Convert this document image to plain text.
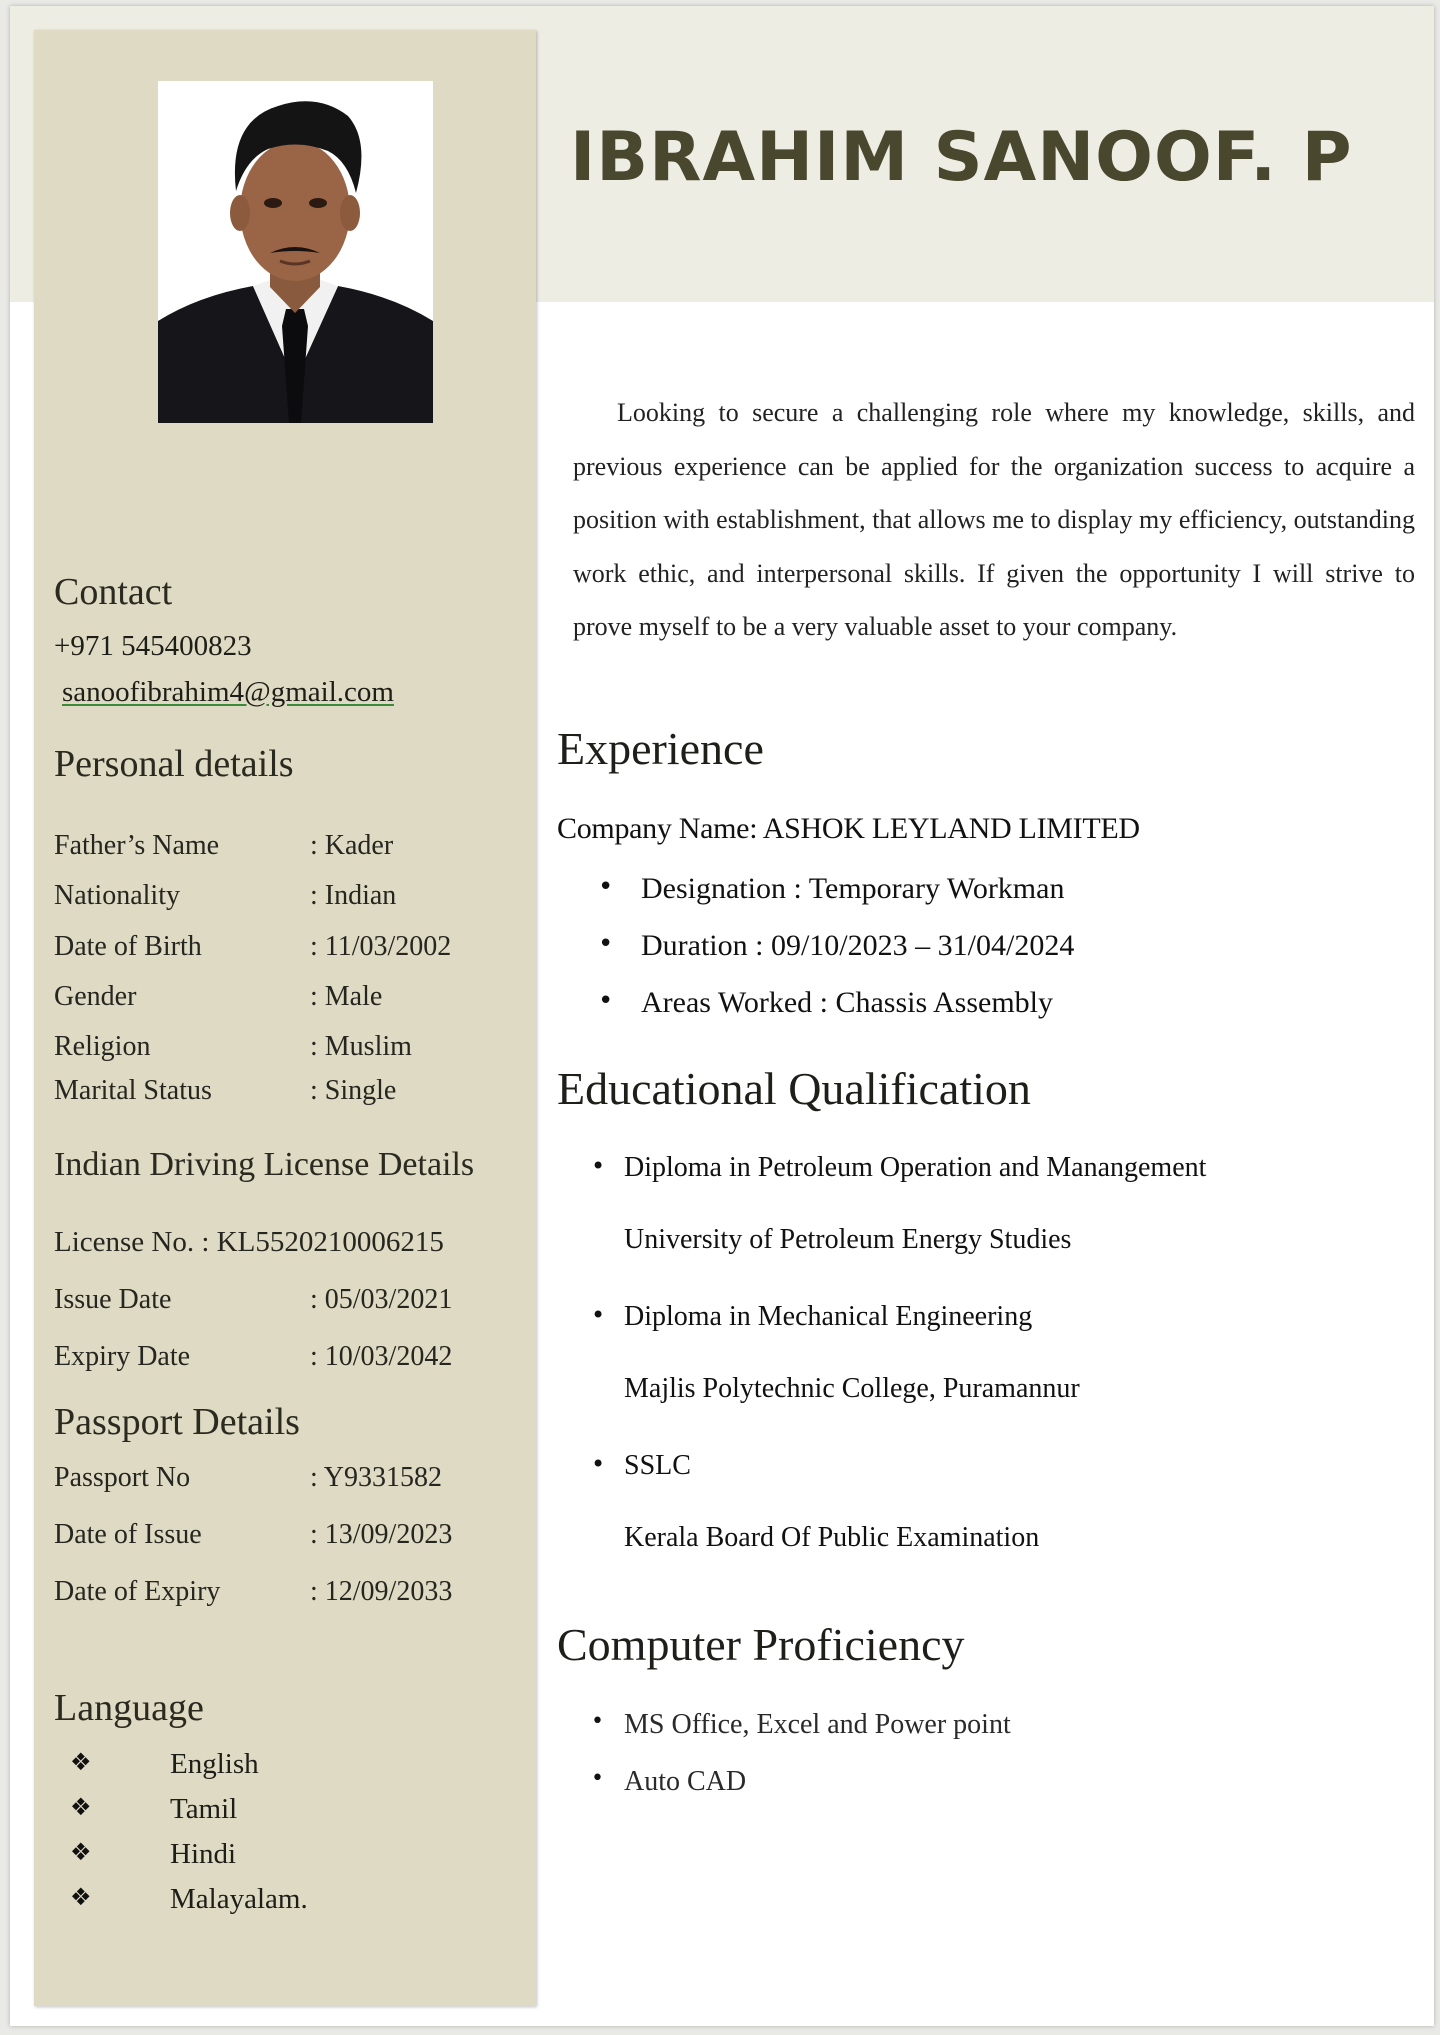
IBRAHIM SANOOF. P
Contact
+971 545400823
sanoofibrahim4@gmail.com
Personal details
Father’s Name	: Kader
Nationality	: Indian
Date of Birth	: 11/03/2002
Gender	: Male
Religion	: Muslim
Marital Status	: Single
Indian Driving License Details
License No. : KL5520210006215
Issue Date	: 05/03/2021
Expiry Date	: 10/03/2042
Passport Details
Passport No	: Y9331582
Date of Issue	: 13/09/2023
Date of Expiry	: 12/09/2033
Language
❖	English
❖	Tamil
❖	Hindi
❖	Malayalam.
Looking to secure a challenging role where my knowledge, skills, and previous experience can be applied for the organization success to acquire a position with establishment, that allows me to display my efficiency, outstanding work ethic, and interpersonal skills. If given the opportunity I will strive to prove myself to be a very valuable asset to your company.
Experience
Company Name: ASHOK LEYLAND LIMITED
• Designation : Temporary Workman
• Duration : 09/10/2023 – 31/04/2024
• Areas Worked : Chassis Assembly
Educational Qualification
• Diploma in Petroleum Operation and Manangement
University of Petroleum Energy Studies
• Diploma in Mechanical Engineering
Majlis Polytechnic College, Puramannur
• SSLC
Kerala Board Of Public Examination
Computer Proficiency
• MS Office, Excel and Power point
• Auto CAD
